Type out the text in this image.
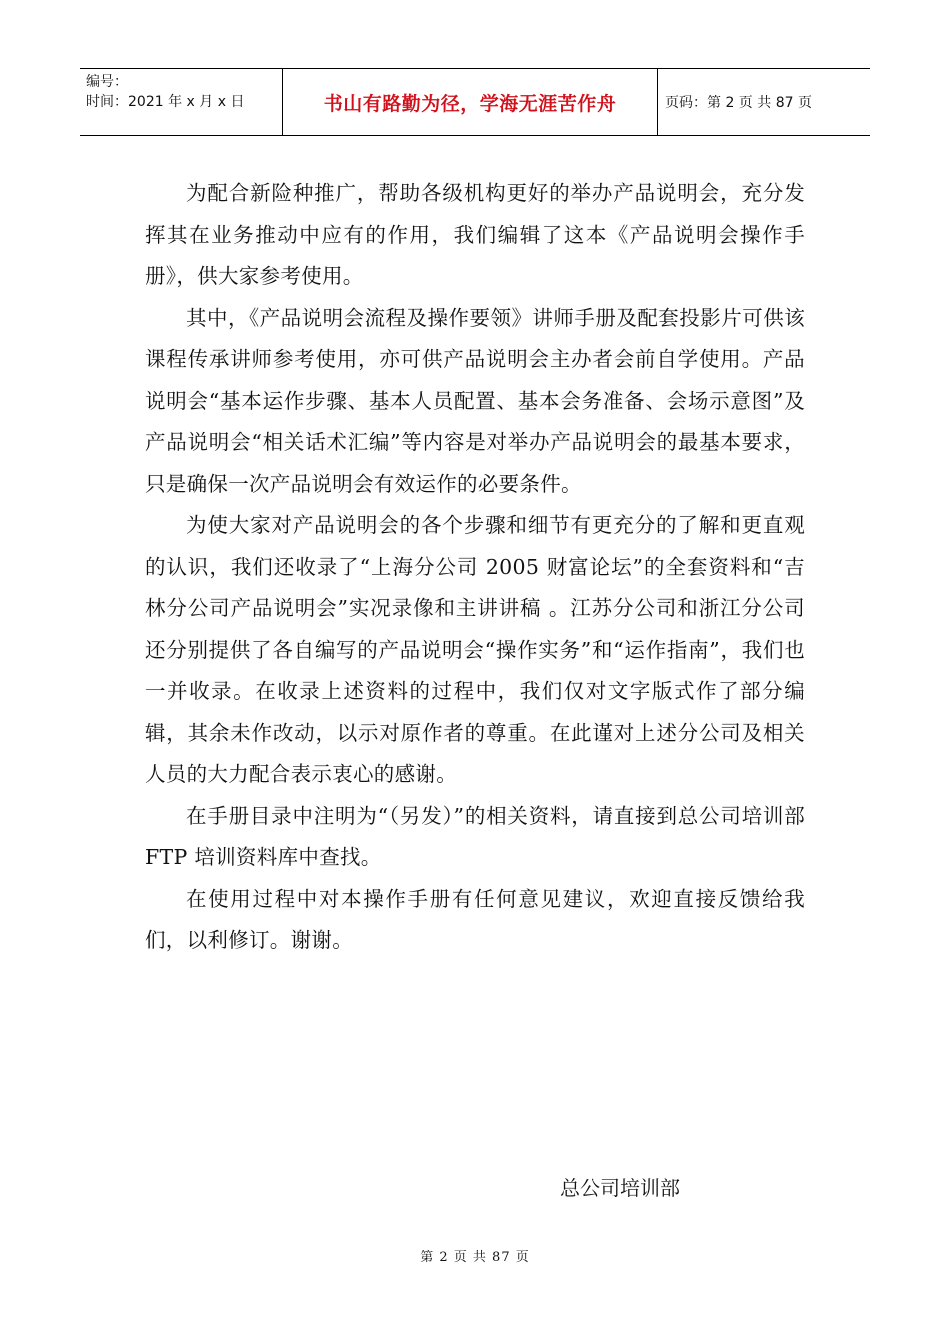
编号：
时间：2021 年 x 月 x 日	书山有路勤为径，学海无涯苦作舟	页码：第 2 页 共 87 页

为配合新险种推广，帮助各级机构更好的举办产品说明会，充分发挥其在业务推动中应有的作用，我们编辑了这本《产品说明会操作手册》，供大家参考使用。

其中，《产品说明会流程及操作要领》讲师手册及配套投影片可供该课程传承讲师参考使用，亦可供产品说明会主办者会前自学使用。产品说明会“基本运作步骤、基本人员配置、基本会务准备、会场示意图”及产品说明会“相关话术汇编”等内容是对举办产品说明会的最基本要求，只是确保一次产品说明会有效运作的必要条件。

为使大家对产品说明会的各个步骤和细节有更充分的了解和更直观的认识，我们还收录了“上海分公司 2005 财富论坛”的全套资料和“吉林分公司产品说明会”实况录像和主讲讲稿 。江苏分公司和浙江分公司还分别提供了各自编写的产品说明会“操作实务”和“运作指南”，我们也一并收录。在收录上述资料的过程中，我们仅对文字版式作了部分编辑，其余未作改动，以示对原作者的尊重。在此谨对上述分公司及相关人员的大力配合表示衷心的感谢。

在手册目录中注明为“（另发）”的相关资料，请直接到总公司培训部 FTP 培训资料库中查找。

在使用过程中对本操作手册有任何意见建议，欢迎直接反馈给我们，以利修订。谢谢。

总公司培训部
第 2 页 共 87 页
